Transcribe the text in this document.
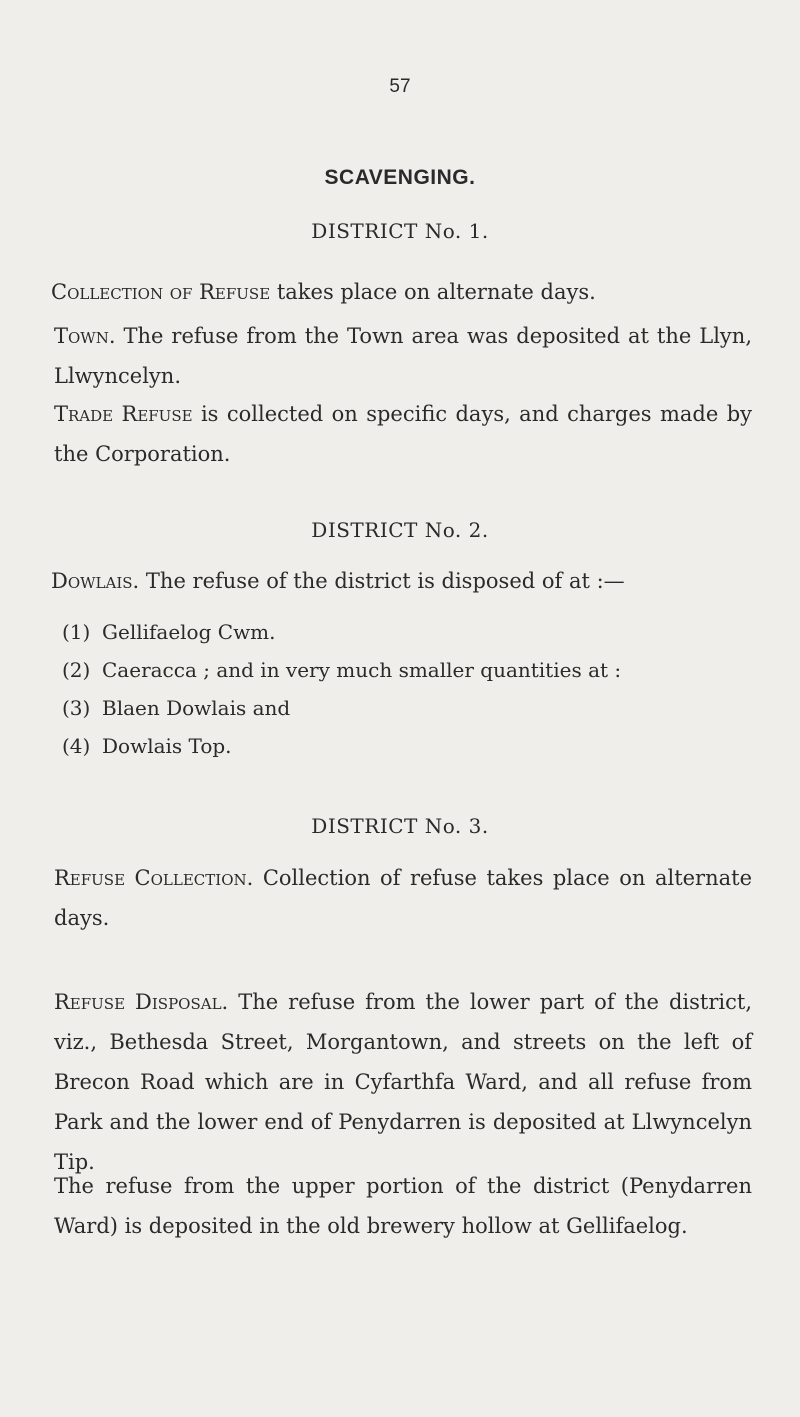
57
SCAVENGING.
DISTRICT No. 1.
Collection of Refuse takes place on alternate days.
Town. The refuse from the Town area was deposited at the Llyn, Llwyncelyn.
Trade Refuse is collected on specific days, and charges made by the Corporation.
DISTRICT No. 2.
Dowlais. The refuse of the district is disposed of at :—
(1) Gellifaelog Cwm.
(2) Caeracca ; and in very much smaller quantities at :
(3) Blaen Dowlais and
(4) Dowlais Top.
DISTRICT No. 3.
Refuse Collection. Collection of refuse takes place on alternate days.
Refuse Disposal. The refuse from the lower part of the district, viz., Bethesda Street, Morgantown, and streets on the left of Brecon Road which are in Cyfarthfa Ward, and all refuse from Park and the lower end of Penydarren is deposited at Llwyncelyn Tip.
The refuse from the upper portion of the district (Penydarren Ward) is deposited in the old brewery hollow at Gellifaelog.
